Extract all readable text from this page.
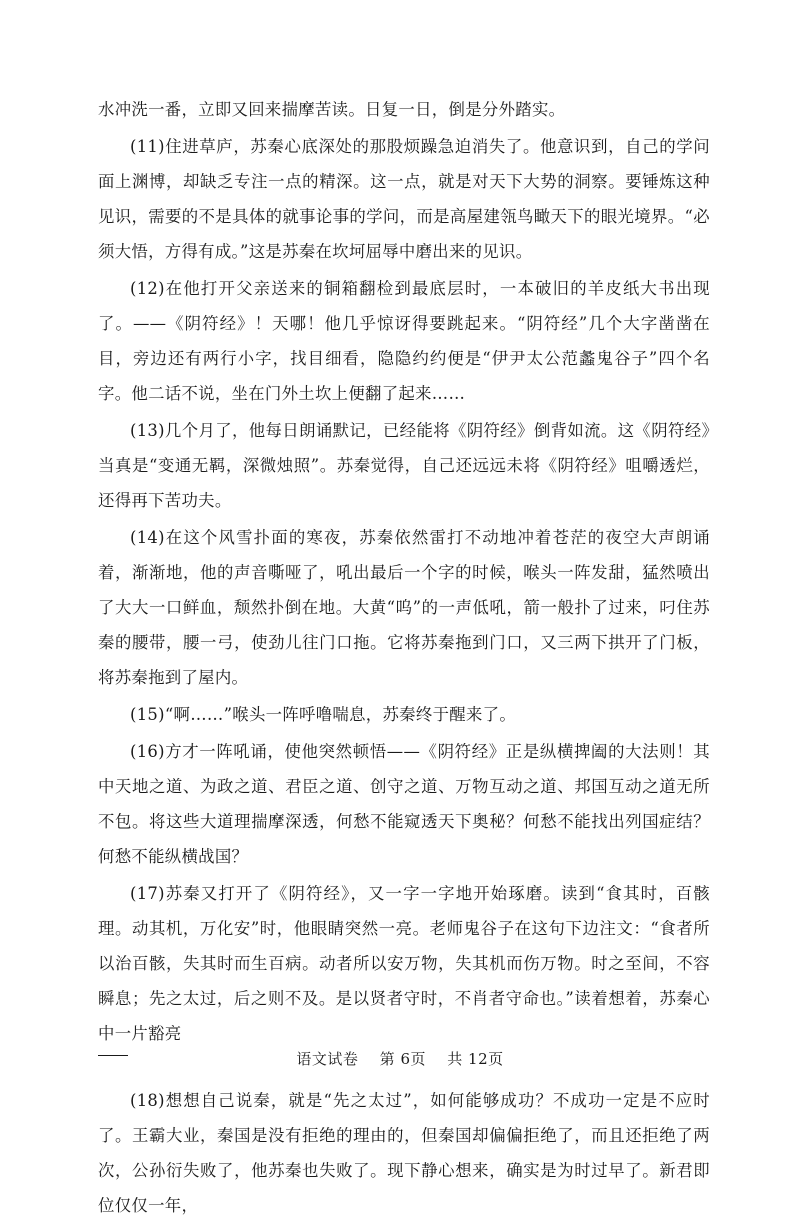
水冲洗一番，立即又回来揣摩苦读。日复一日，倒是分外踏实。

(11)住进草庐，苏秦心底深处的那股烦躁急迫消失了。他意识到，自己的学问面上渊博，却缺乏专注一点的精深。这一点，就是对天下大势的洞察。要锤炼这种见识，需要的不是具体的就事论事的学问，而是高屋建瓴鸟瞰天下的眼光境界。“必须大悟，方得有成。”这是苏秦在坎坷屈辱中磨出来的见识。

(12)在他打开父亲送来的铜箱翻检到最底层时，一本破旧的羊皮纸大书出现了。——《阴符经》！天哪！他几乎惊讶得要跳起来。“阴符经”几个大字凿凿在目，旁边还有两行小字，找目细看，隐隐约约便是“伊尹太公范蠡鬼谷子”四个名字。他二话不说，坐在门外土坎上便翻了起来……

(13)几个月了，他每日朗诵默记，已经能将《阴符经》倒背如流。这《阴符经》当真是“变通无羁，深微烛照”。苏秦觉得，自己还远远未将《阴符经》咀嚼透烂，还得再下苦功夫。

(14)在这个风雪扑面的寒夜，苏秦依然雷打不动地冲着苍茫的夜空大声朗诵着，渐渐地，他的声音嘶哑了，吼出最后一个字的时候，喉头一阵发甜，猛然喷出了大大一口鲜血，颓然扑倒在地。大黄“呜”的一声低吼，箭一般扑了过来，叼住苏秦的腰带，腰一弓，使劲儿往门口拖。它将苏秦拖到门口，又三两下拱开了门板，将苏秦拖到了屋内。

(15)“啊……”喉头一阵呼噜喘息，苏秦终于醒来了。

(16)方才一阵吼诵，使他突然顿悟——《阴符经》正是纵横捭阖的大法则！其中天地之道、为政之道、君臣之道、创守之道、万物互动之道、邦国互动之道无所不包。将这些大道理揣摩深透，何愁不能窥透天下奥秘？何愁不能找出列国症结？何愁不能纵横战国？

(17)苏秦又打开了《阴符经》，又一字一字地开始琢磨。读到“食其时，百骸理。动其机，万化安”时，他眼睛突然一亮。老师鬼谷子在这句下边注文：“食者所以治百骸，失其时而生百病。动者所以安万物，失其机而伤万物。时之至间，不容瞬息；先之太过，后之则不及。是以贤者守时，不肖者守命也。”读着想着，苏秦心中一片豁亮

(18)想想自己说秦，就是“先之太过”，如何能够成功？不成功一定是不应时了。王霸大业，秦国是没有拒绝的理由的，但秦国却偏偏拒绝了，而且还拒绝了两次，公孙衍失败了，他苏秦也失败了。现下静心想来，确实是为时过早了。新君即位仅仅一年，

语文试卷 第 6页 共 12页
